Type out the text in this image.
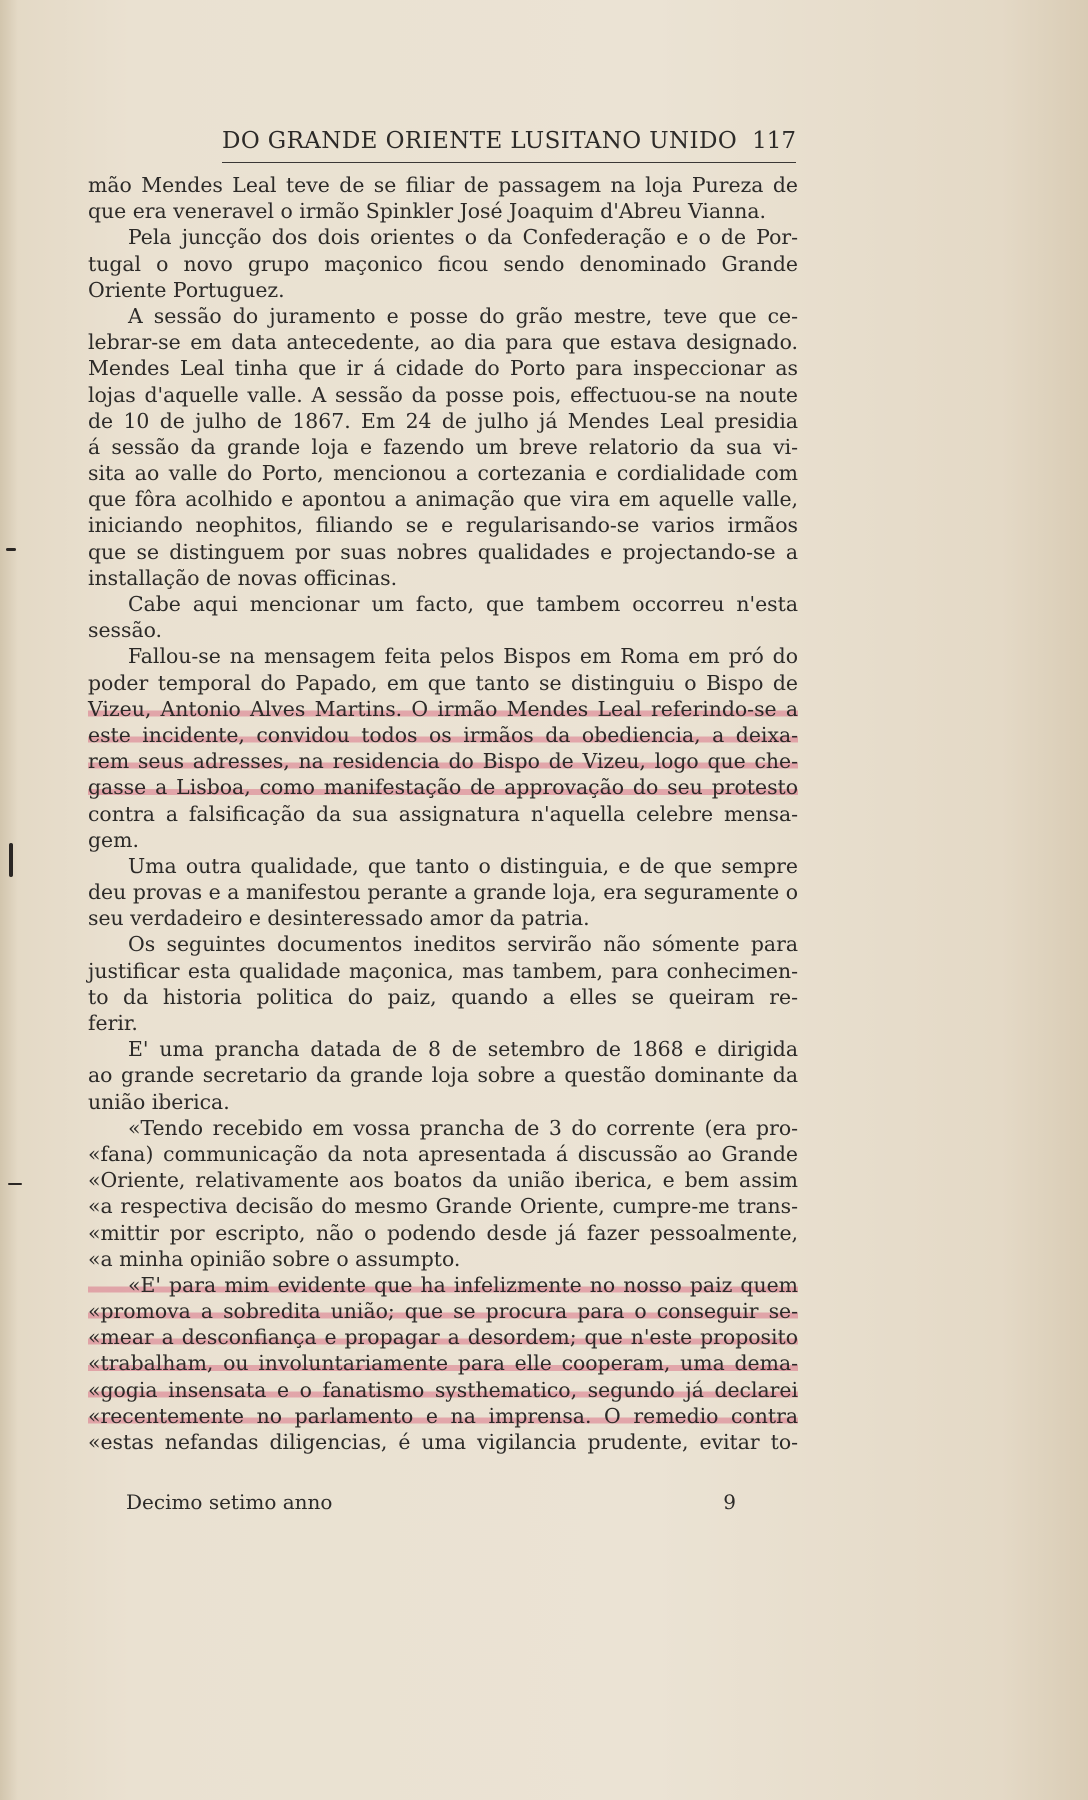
DO GRANDE ORIENTE LUSITANO UNIDO 117
mão Mendes Leal teve de se filiar de passagem na loja Pureza de
que era veneravel o irmão Spinkler José Joaquim d'Abreu Vianna.
Pela juncção dos dois orientes o da Confederação e o de Por-
tugal o novo grupo maçonico ficou sendo denominado Grande
Oriente Portuguez.
A sessão do juramento e posse do grão mestre, teve que ce-
lebrar-se em data antecedente, ao dia para que estava designado.
Mendes Leal tinha que ir á cidade do Porto para inspeccionar as
lojas d'aquelle valle. A sessão da posse pois, effectuou-se na noute
de 10 de julho de 1867. Em 24 de julho já Mendes Leal presidia
á sessão da grande loja e fazendo um breve relatorio da sua vi-
sita ao valle do Porto, mencionou a cortezania e cordialidade com
que fôra acolhido e apontou a animação que vira em aquelle valle,
iniciando neophitos, filiando se e regularisando-se varios irmãos
que se distinguem por suas nobres qualidades e projectando-se a
installação de novas officinas.
Cabe aqui mencionar um facto, que tambem occorreu n'esta
sessão.
Fallou-se na mensagem feita pelos Bispos em Roma em pró do
poder temporal do Papado, em que tanto se distinguiu o Bispo de
Vizeu, Antonio Alves Martins. O irmão Mendes Leal referindo-se a
este incidente, convidou todos os irmãos da obediencia, a deixa-
rem seus adresses, na residencia do Bispo de Vizeu, logo que che-
gasse a Lisboa, como manifestação de approvação do seu protesto
contra a falsificação da sua assignatura n'aquella celebre mensa-
gem.
Uma outra qualidade, que tanto o distinguia, e de que sempre
deu provas e a manifestou perante a grande loja, era seguramente o
seu verdadeiro e desinteressado amor da patria.
Os seguintes documentos ineditos servirão não sómente para
justificar esta qualidade maçonica, mas tambem, para conhecimen-
to da historia politica do paiz, quando a elles se queiram re-
ferir.
E' uma prancha datada de 8 de setembro de 1868 e dirigida
ao grande secretario da grande loja sobre a questão dominante da
união iberica.
«Tendo recebido em vossa prancha de 3 do corrente (era pro-
«fana) communicação da nota apresentada á discussão ao Grande
«Oriente, relativamente aos boatos da união iberica, e bem assim
«a respectiva decisão do mesmo Grande Oriente, cumpre-me trans-
«mittir por escripto, não o podendo desde já fazer pessoalmente,
«a minha opinião sobre o assumpto.
«E' para mim evidente que ha infelizmente no nosso paiz quem
«promova a sobredita união; que se procura para o conseguir se-
«mear a desconfiança e propagar a desordem; que n'este proposito
«trabalham, ou involuntariamente para elle cooperam, uma dema-
«gogia insensata e o fanatismo systhematico, segundo já declarei
«recentemente no parlamento e na imprensa. O remedio contra
«estas nefandas diligencias, é uma vigilancia prudente, evitar to-
Decimo setimo anno	9
